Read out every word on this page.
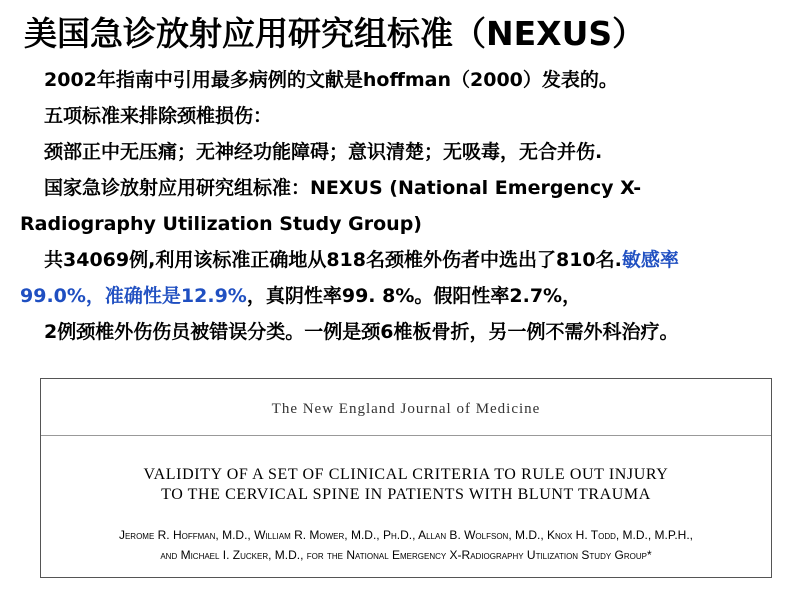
美国急诊放射应用研究组标准（NEXUS）
2002年指南中引用最多病例的文献是hoffman（2000）发表的。
五项标准来排除颈椎损伤：
颈部正中无压痛；无神经功能障碍；意识清楚；无吸毒，无合并伤.
国家急诊放射应用研究组标准：NEXUS (National Emergency X-
Radiography Utilization Study Group)
共34069例,利用该标准正确地从818名颈椎外伤者中选出了810名.敏感率
99.0%，准确性是12.9%，真阴性率99. 8%。假阳性率2.7%，
2例颈椎外伤伤员被错误分类。一例是颈6椎板骨折，另一例不需外科治疗。
The New England Journal of Medicine
VALIDITY OF A SET OF CLINICAL CRITERIA TO RULE OUT INJURY
TO THE CERVICAL SPINE IN PATIENTS WITH BLUNT TRAUMA
Jerome R. Hoffman, M.D., William R. Mower, M.D., Ph.D., Allan B. Wolfson, M.D., Knox H. Todd, M.D., M.P.H.,
and Michael I. Zucker, M.D., for the National Emergency X-Radiography Utilization Study Group*
